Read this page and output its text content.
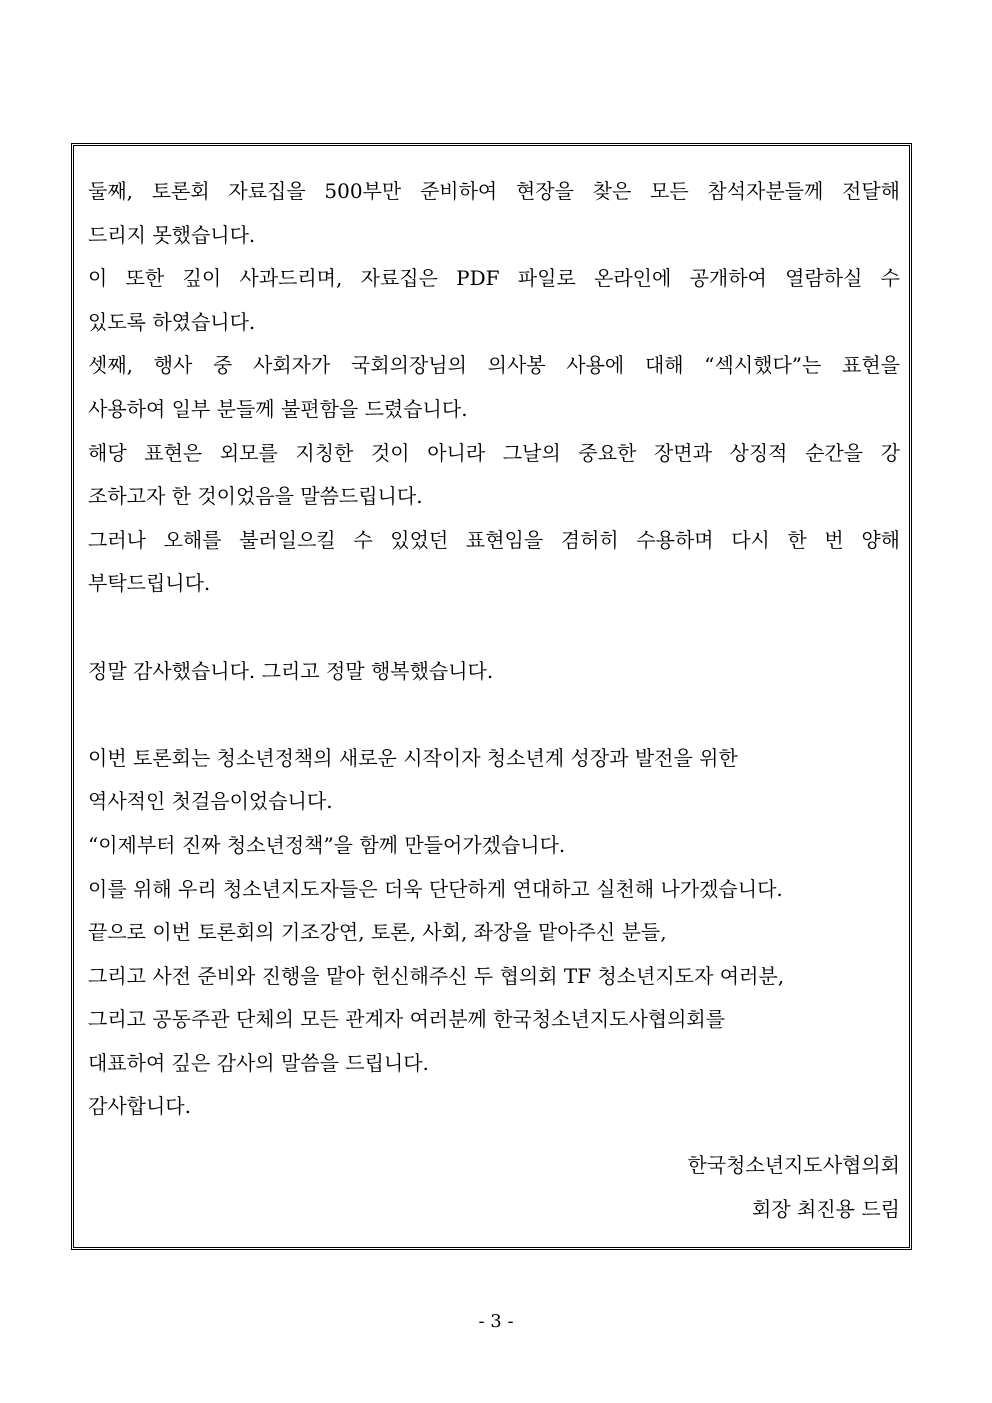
둘째, 토론회 자료집을 500부만 준비하여 현장을 찾은 모든 참석자분들께 전달해
드리지 못했습니다.
이 또한 깊이 사과드리며, 자료집은 PDF 파일로 온라인에 공개하여 열람하실 수
있도록 하였습니다.
셋째, 행사 중 사회자가 국회의장님의 의사봉 사용에 대해 “섹시했다”는 표현을
사용하여 일부 분들께 불편함을 드렸습니다.
해당 표현은 외모를 지칭한 것이 아니라 그날의 중요한 장면과 상징적 순간을 강
조하고자 한 것이었음을 말씀드립니다.
그러나 오해를 불러일으킬 수 있었던 표현임을 겸허히 수용하며 다시 한 번 양해
부탁드립니다.
정말 감사했습니다. 그리고 정말 행복했습니다.
이번 토론회는 청소년정책의 새로운 시작이자 청소년계 성장과 발전을 위한
역사적인 첫걸음이었습니다.
“이제부터 진짜 청소년정책”을 함께 만들어가겠습니다.
이를 위해 우리 청소년지도자들은 더욱 단단하게 연대하고 실천해 나가겠습니다.
끝으로 이번 토론회의 기조강연, 토론, 사회, 좌장을 맡아주신 분들,
그리고 사전 준비와 진행을 맡아 헌신해주신 두 협의회 TF 청소년지도자 여러분,
그리고 공동주관 단체의 모든 관계자 여러분께 한국청소년지도사협의회를
대표하여 깊은 감사의 말씀을 드립니다.
감사합니다.
한국청소년지도사협의회
회장 최진용 드림
- 3 -
